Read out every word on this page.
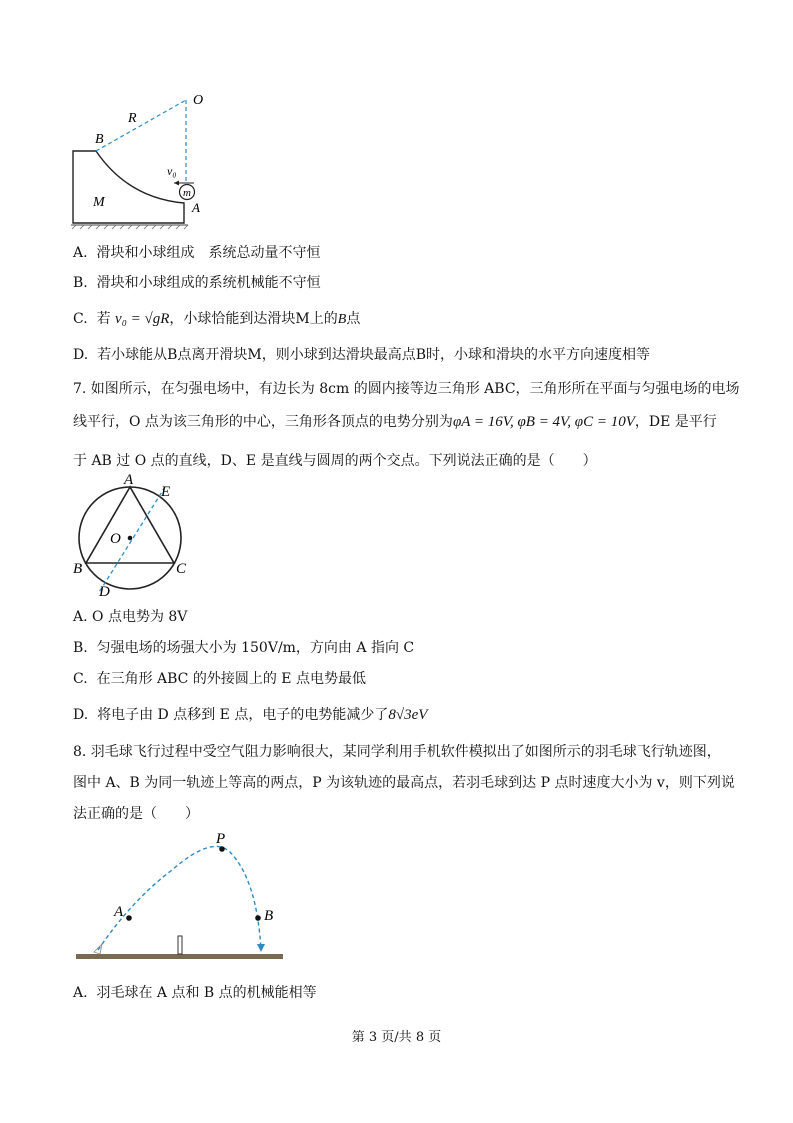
O
R
B
v₀
m
M	A
A. 滑块和小球组成　系统总动量不守恒
B. 滑块和小球组成的系统机械能不守恒
C. 若 v₀ = √gR，小球恰能到达滑块M上的B点
D. 若小球能从B点离开滑块M，则小球到达滑块最高点B时，小球和滑块的水平方向速度相等
7. 如图所示，在匀强电场中，有边长为 8cm 的圆内接等边三角形 ABC，三角形所在平面与匀强电场的电场
线平行，O 点为该三角形的中心，三角形各顶点的电势分别为φA = 16V, φB = 4V, φC = 10V，DE 是平行
于 AB 过 O 点的直线，D、E 是直线与圆周的两个交点。下列说法正确的是（　　）
A
E
O
B	C
D
A. O 点电势为 8V
B. 匀强电场的场强大小为 150V/m，方向由 A 指向 C
C. 在三角形 ABC 的外接圆上的 E 点电势最低
D. 将电子由 D 点移到 E 点，电子的电势能减少了8√3eV
8. 羽毛球飞行过程中受空气阻力影响很大，某同学利用手机软件模拟出了如图所示的羽毛球飞行轨迹图，
图中 A、B 为同一轨迹上等高的两点，P 为该轨迹的最高点，若羽毛球到达 P 点时速度大小为 v，则下列说
法正确的是（　　）
P
A	B
A. 羽毛球在 A 点和 B 点的机械能相等
第 3 页/共 8 页
